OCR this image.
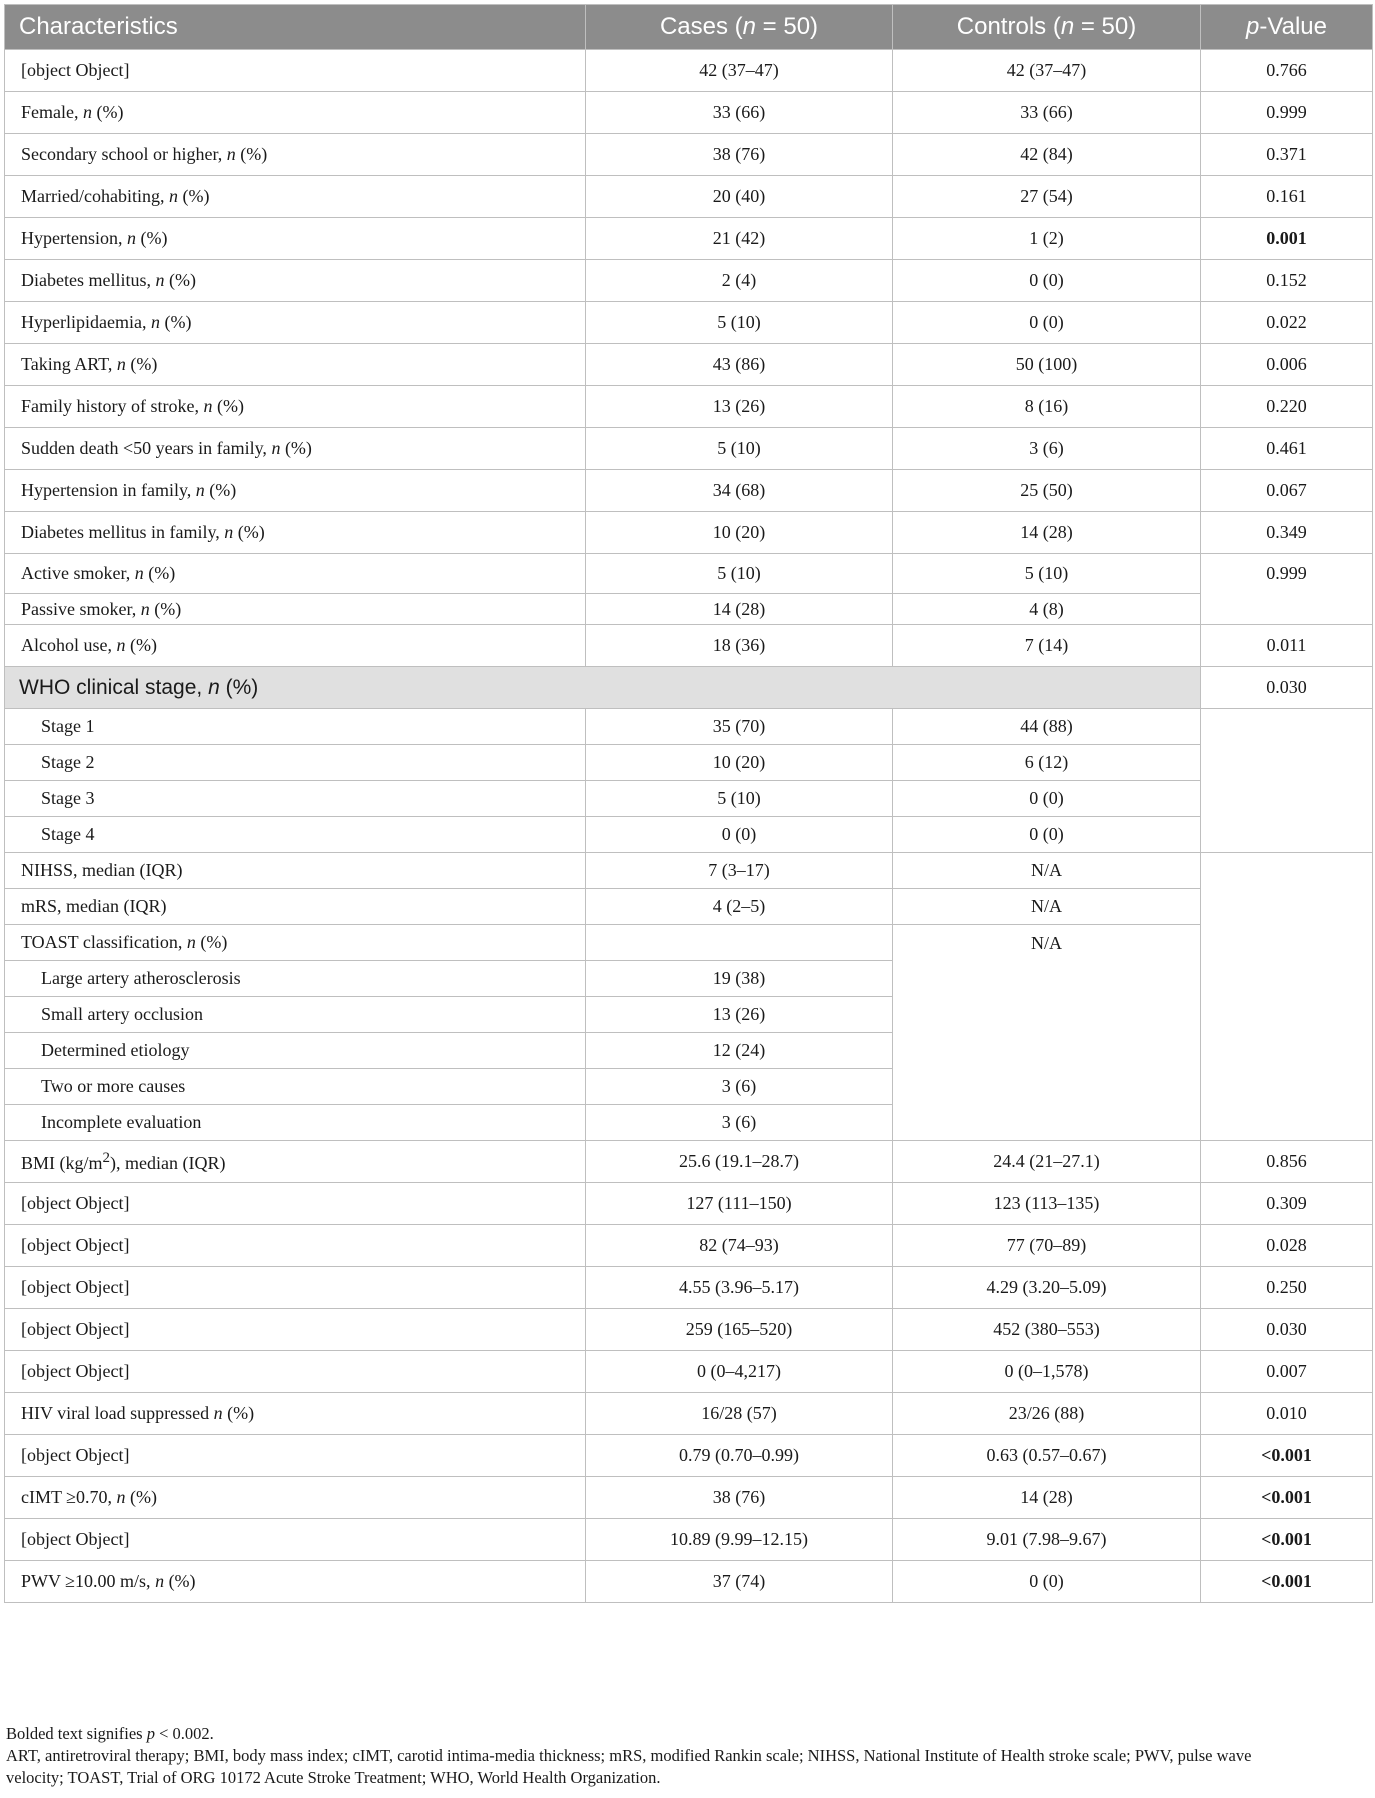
Characteristics	Cases (n = 50)	Controls (n = 50)	p-Value
[object Object]	42 (37–47)	42 (37–47)	0.766
Female, n (%)	33 (66)	33 (66)	0.999
Secondary school or higher, n (%)	38 (76)	42 (84)	0.371
Married/cohabiting, n (%)	20 (40)	27 (54)	0.161
Hypertension, n (%)	21 (42)	1 (2)	0.001
Diabetes mellitus, n (%)	2 (4)	0 (0)	0.152
Hyperlipidaemia, n (%)	5 (10)	0 (0)	0.022
Taking ART, n (%)	43 (86)	50 (100)	0.006
Family history of stroke, n (%)	13 (26)	8 (16)	0.220
Sudden death <50 years in family, n (%)	5 (10)	3 (6)	0.461
Hypertension in family, n (%)	34 (68)	25 (50)	0.067
Diabetes mellitus in family, n (%)	10 (20)	14 (28)	0.349
Active smoker, n (%)	5 (10)	5 (10)	0.999
Passive smoker, n (%)	14 (28)	4 (8)	
Alcohol use, n (%)	18 (36)	7 (14)	0.011
WHO clinical stage, n (%)			0.030
Stage 1	35 (70)	44 (88)	
Stage 2	10 (20)	6 (12)	
Stage 3	5 (10)	0 (0)	
Stage 4	0 (0)	0 (0)	
NIHSS, median (IQR)	7 (3–17)	N/A	
mRS, median (IQR)	4 (2–5)	N/A	
TOAST classification, n (%)		N/A	
Large artery atherosclerosis	19 (38)		
Small artery occlusion	13 (26)		
Determined etiology	12 (24)		
Two or more causes	3 (6)		
Incomplete evaluation	3 (6)		
BMI $(kg/m^2)$, median (IQR)	25.6 (19.1–28.7)	24.4 (21–27.1)	0.856
[object Object]	127 (111–150)	123 (113–135)	0.309
[object Object]	82 (74–93)	77 (70–89)	0.028
[object Object]	4.55 (3.96–5.17)	4.29 (3.20–5.09)	0.250
[object Object]	259 (165–520)	452 (380–553)	0.030
[object Object]	0 (0–4,217)	0 (0–1,578)	0.007
HIV viral load suppressed n (%)	16/28 (57)	23/26 (88)	0.010
[object Object]	0.79 (0.70–0.99)	0.63 (0.57–0.67)	<0.001
cIMT ≥0.70, n (%)	38 (76)	14 (28)	<0.001
[object Object]	10.89 (9.99–12.15)	9.01 (7.98–9.67)	<0.001
PWV ≥10.00 m/s, n (%)	37 (74)	0 (0)	<0.001
Bolded text signifies p < 0.002.
ART, antiretroviral therapy; BMI, body mass index; cIMT, carotid intima-media thickness; mRS, modified Rankin scale; NIHSS, National Institute of Health stroke scale; PWV, pulse wave
velocity; TOAST, Trial of ORG 10172 Acute Stroke Treatment; WHO, World Health Organization.
